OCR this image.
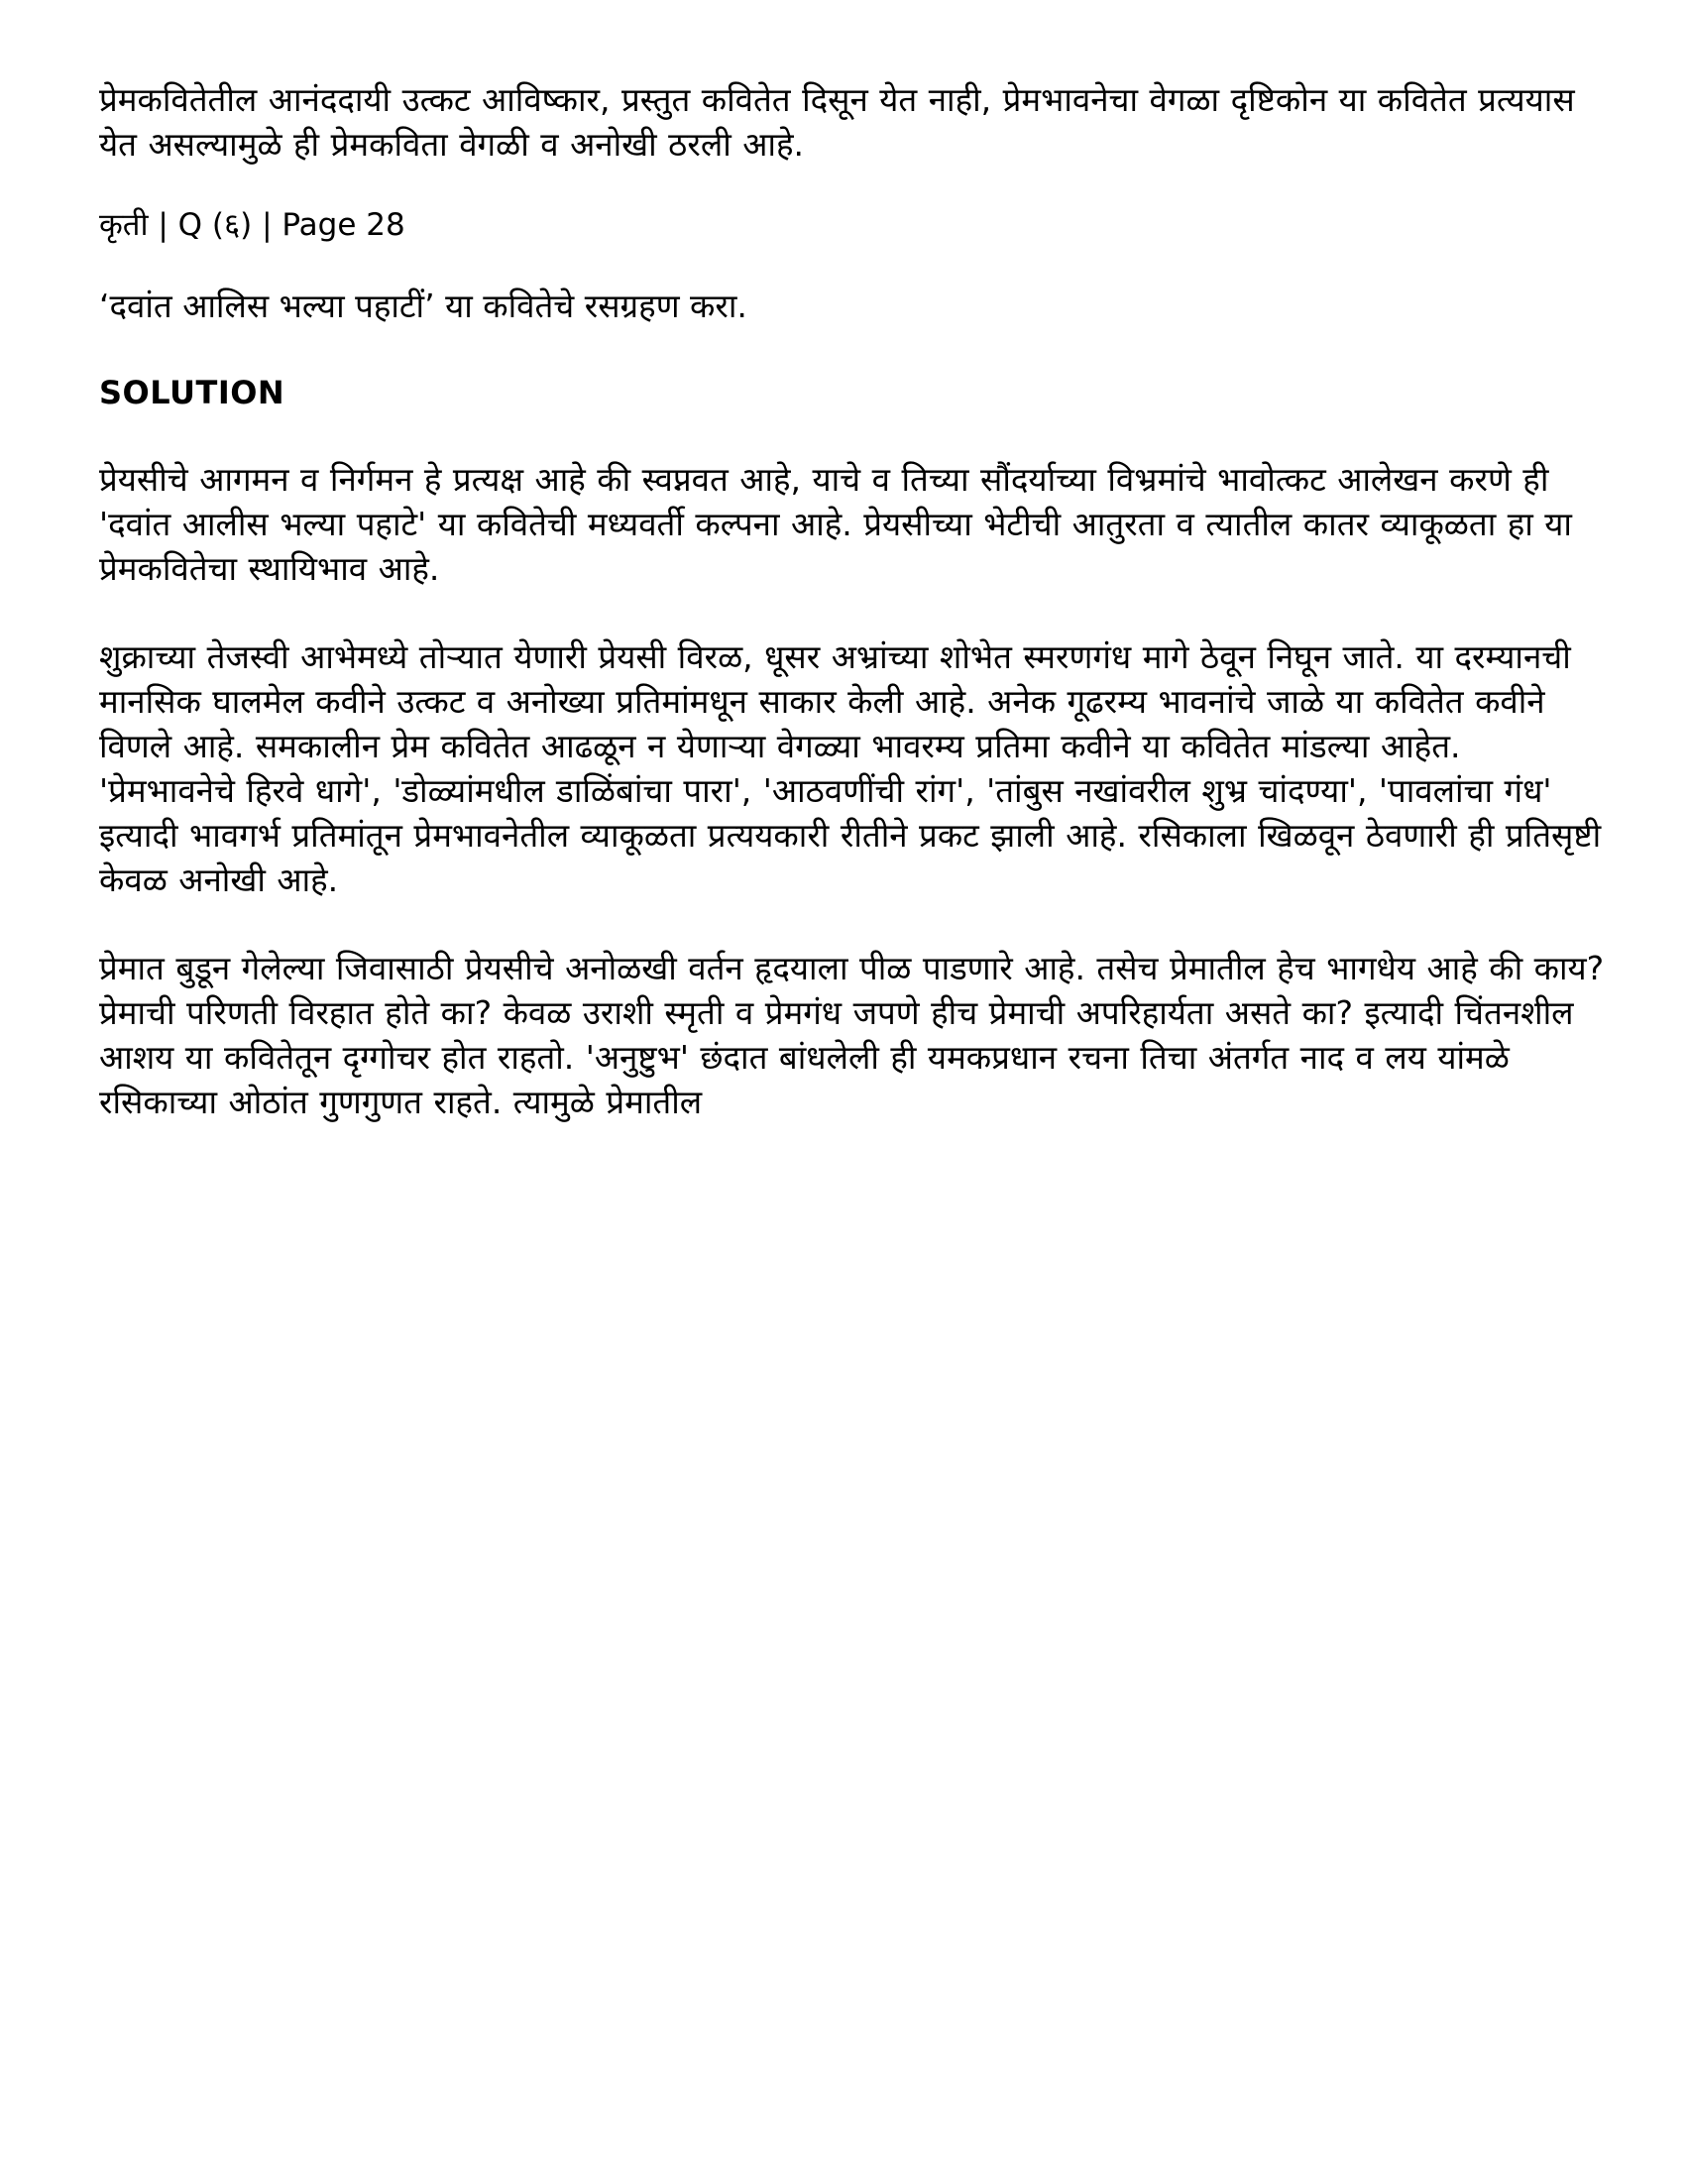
प्रेमकवितेतील आनंददायी उत्कट आविष्कार, प्रस्तुत कवितेत दिसून येत नाही, प्रेमभावनेचा वेगळा दृष्टिकोन या कवितेत प्रत्ययास येत असल्यामुळे ही प्रेमकविता वेगळी व अनोखी ठरली आहे.

कृती | Q (६) | Page 28

‘दवांत आलिस भल्या पहाटीं’ या कवितेचे रसग्रहण करा.

SOLUTION

प्रेयसीचे आगमन व निर्गमन हे प्रत्यक्ष आहे की स्वप्नवत आहे, याचे व तिच्या सौंदर्याच्या विभ्रमांचे भावोत्कट आलेखन करणे ही 'दवांत आलीस भल्या पहाटे' या कवितेची मध्यवर्ती कल्पना आहे. प्रेयसीच्या भेटीची आतुरता व त्यातील कातर व्याकूळता हा या प्रेमकवितेचा स्थायिभाव आहे.

शुक्राच्या तेजस्वी आभेमध्ये तोऱ्यात येणारी प्रेयसी विरळ, धूसर अभ्रांच्या शोभेत स्मरणगंध मागे ठेवून निघून जाते. या दरम्यानची मानसिक घालमेल कवीने उत्कट व अनोख्या प्रतिमांमधून साकार केली आहे. अनेक गूढरम्य भावनांचे जाळे या कवितेत कवीने विणले आहे. समकालीन प्रेम कवितेत आढळून न येणाऱ्या वेगळ्या भावरम्य प्रतिमा कवीने या कवितेत मांडल्या आहेत. 'प्रेमभावनेचे हिरवे धागे', 'डोळ्यांमधील डाळिंबांचा पारा', 'आठवणींची रांग', 'तांबुस नखांवरील शुभ्र चांदण्या', 'पावलांचा गंध' इत्यादी भावगर्भ प्रतिमांतून प्रेमभावनेतील व्याकूळता प्रत्ययकारी रीतीने प्रकट झाली आहे. रसिकाला खिळवून ठेवणारी ही प्रतिसृष्टी केवळ अनोखी आहे.

प्रेमात बुडून गेलेल्या जिवासाठी प्रेयसीचे अनोळखी वर्तन हृदयाला पीळ पाडणारे आहे. तसेच प्रेमातील हेच भागधेय आहे की काय? प्रेमाची परिणती विरहात होते का? केवळ उराशी स्मृती व प्रेमगंध जपणे हीच प्रेमाची अपरिहार्यता असते का? इत्यादी चिंतनशील आशय या कवितेतून दृग्गोचर होत राहतो. 'अनुष्टुभ' छंदात बांधलेली ही यमकप्रधान रचना तिचा अंतर्गत नाद व लय यांमळे रसिकाच्या ओठांत गुणगुणत राहते. त्यामुळे प्रेमातील
